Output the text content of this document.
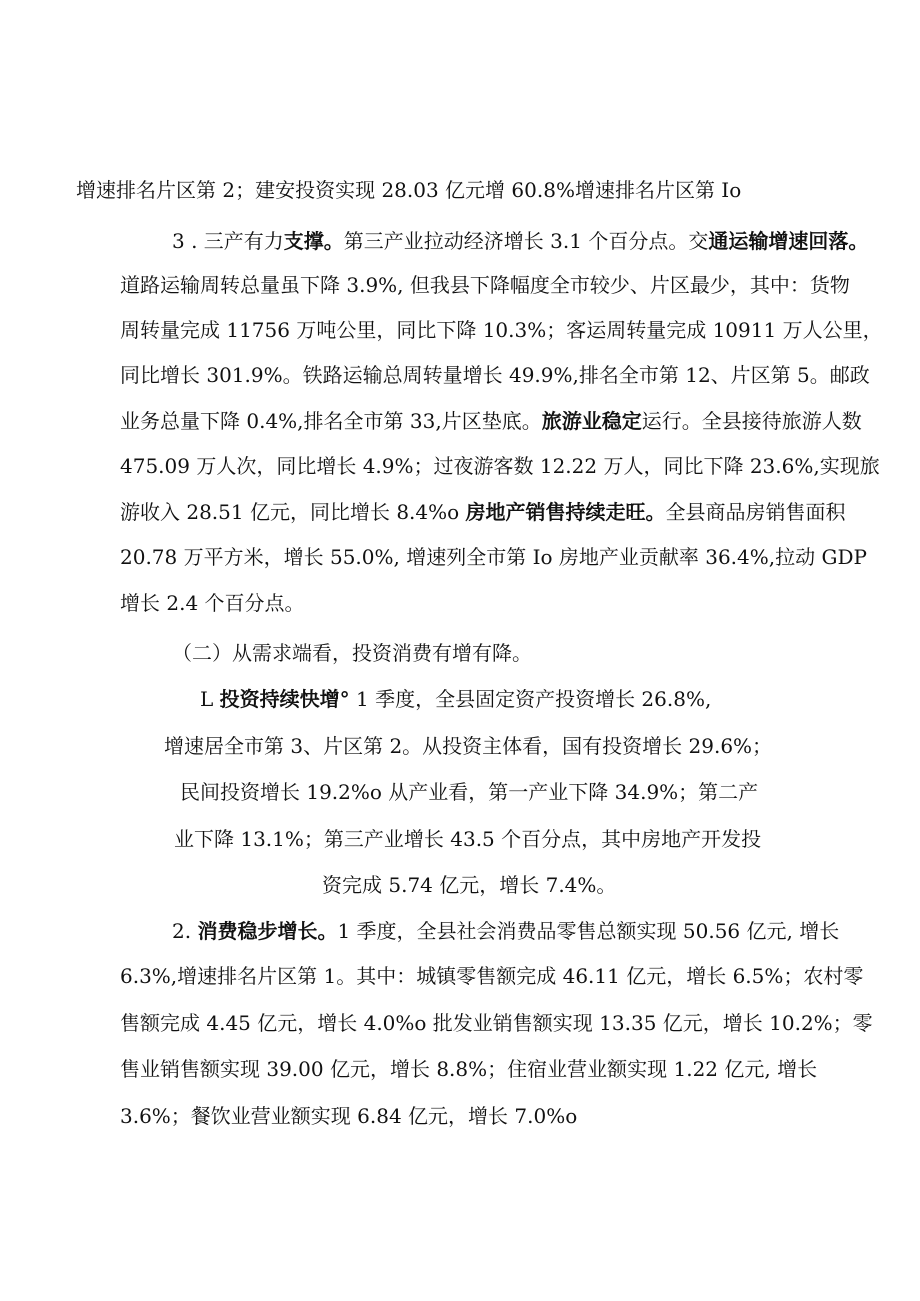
增速排名片区第 2；建安投资实现 28.03 亿元增 60.8%增速排名片区第 Io
3 . 三产有力支撑。第三产业拉动经济增长 3.1 个百分点。交通运输增速回落。
道路运输周转总量虽下降 3.9%, 但我县下降幅度全市较少、片区最少，其中：货物
周转量完成 11756 万吨公里，同比下降 10.3%；客运周转量完成 10911 万人公里，
同比增长 301.9%。铁路运输总周转量增长 49.9%,排名全市第 12、片区第 5。邮政
业务总量下降 0.4%,排名全市第 33,片区垫底。旅游业稳定运行。全县接待旅游人数
475.09 万人次，同比增长 4.9%；过夜游客数 12.22 万人，同比下降 23.6%,实现旅
游收入 28.51 亿元，同比增长 8.4%o 房地产销售持续走旺。全县商品房销售面积
20.78 万平方米，增长 55.0%, 增速列全市第 Io 房地产业贡献率 36.4%,拉动 GDP
增长 2.4 个百分点。
（二）从需求端看，投资消费有增有降。
L 投资持续快增° 1 季度，全县固定资产投资增长 26.8%,
增速居全市第 3、片区第 2。从投资主体看，国有投资增长 29.6%；
民间投资增长 19.2%o 从产业看，第一产业下降 34.9%；第二产
业下降 13.1%；第三产业增长 43.5 个百分点，其中房地产开发投
资完成 5.74 亿元，增长 7.4%。
2. 消费稳步增长。1 季度，全县社会消费品零售总额实现 50.56 亿元, 增长
6.3%,增速排名片区第 1。其中：城镇零售额完成 46.11 亿元，增长 6.5%；农村零
售额完成 4.45 亿元，增长 4.0%o 批发业销售额实现 13.35 亿元，增长 10.2%；零
售业销售额实现 39.00 亿元，增长 8.8%；住宿业营业额实现 1.22 亿元, 增长
3.6%；餐饮业营业额实现 6.84 亿元，增长 7.0%o
